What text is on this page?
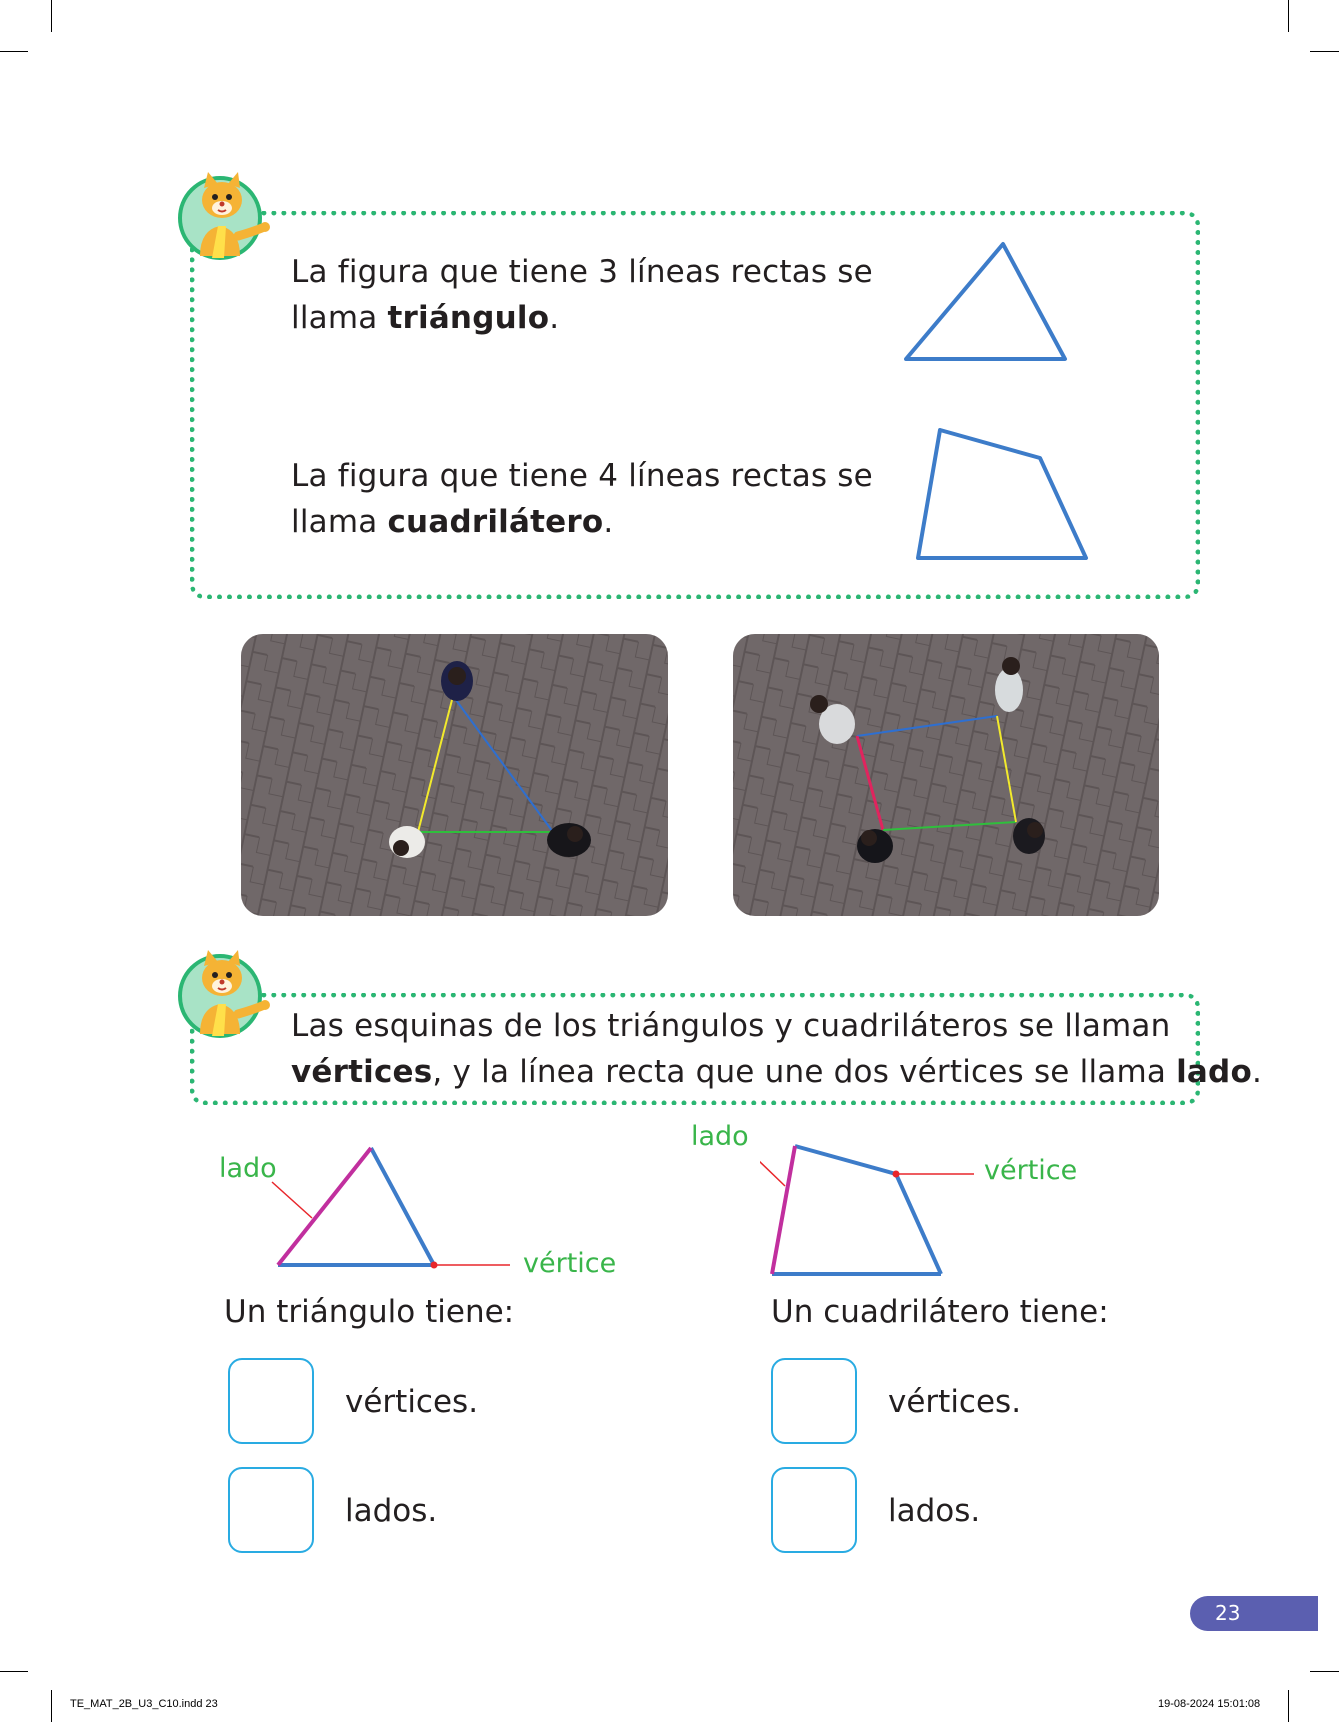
La figura que tiene 3 líneas rectas se
llama triángulo.
La figura que tiene 4 líneas rectas se
llama cuadrilátero.
Las esquinas de los triángulos y cuadriláteros se llaman
vértices, y la línea recta que une dos vértices se llama lado.
lado
vértice
lado
vértice
Un triángulo tiene:	Un cuadrilátero tiene:
vértices.
lados.
vértices.
lados.
23
TE_MAT_2B_U3_C10.indd 23	19-08-2024 15:01:08
